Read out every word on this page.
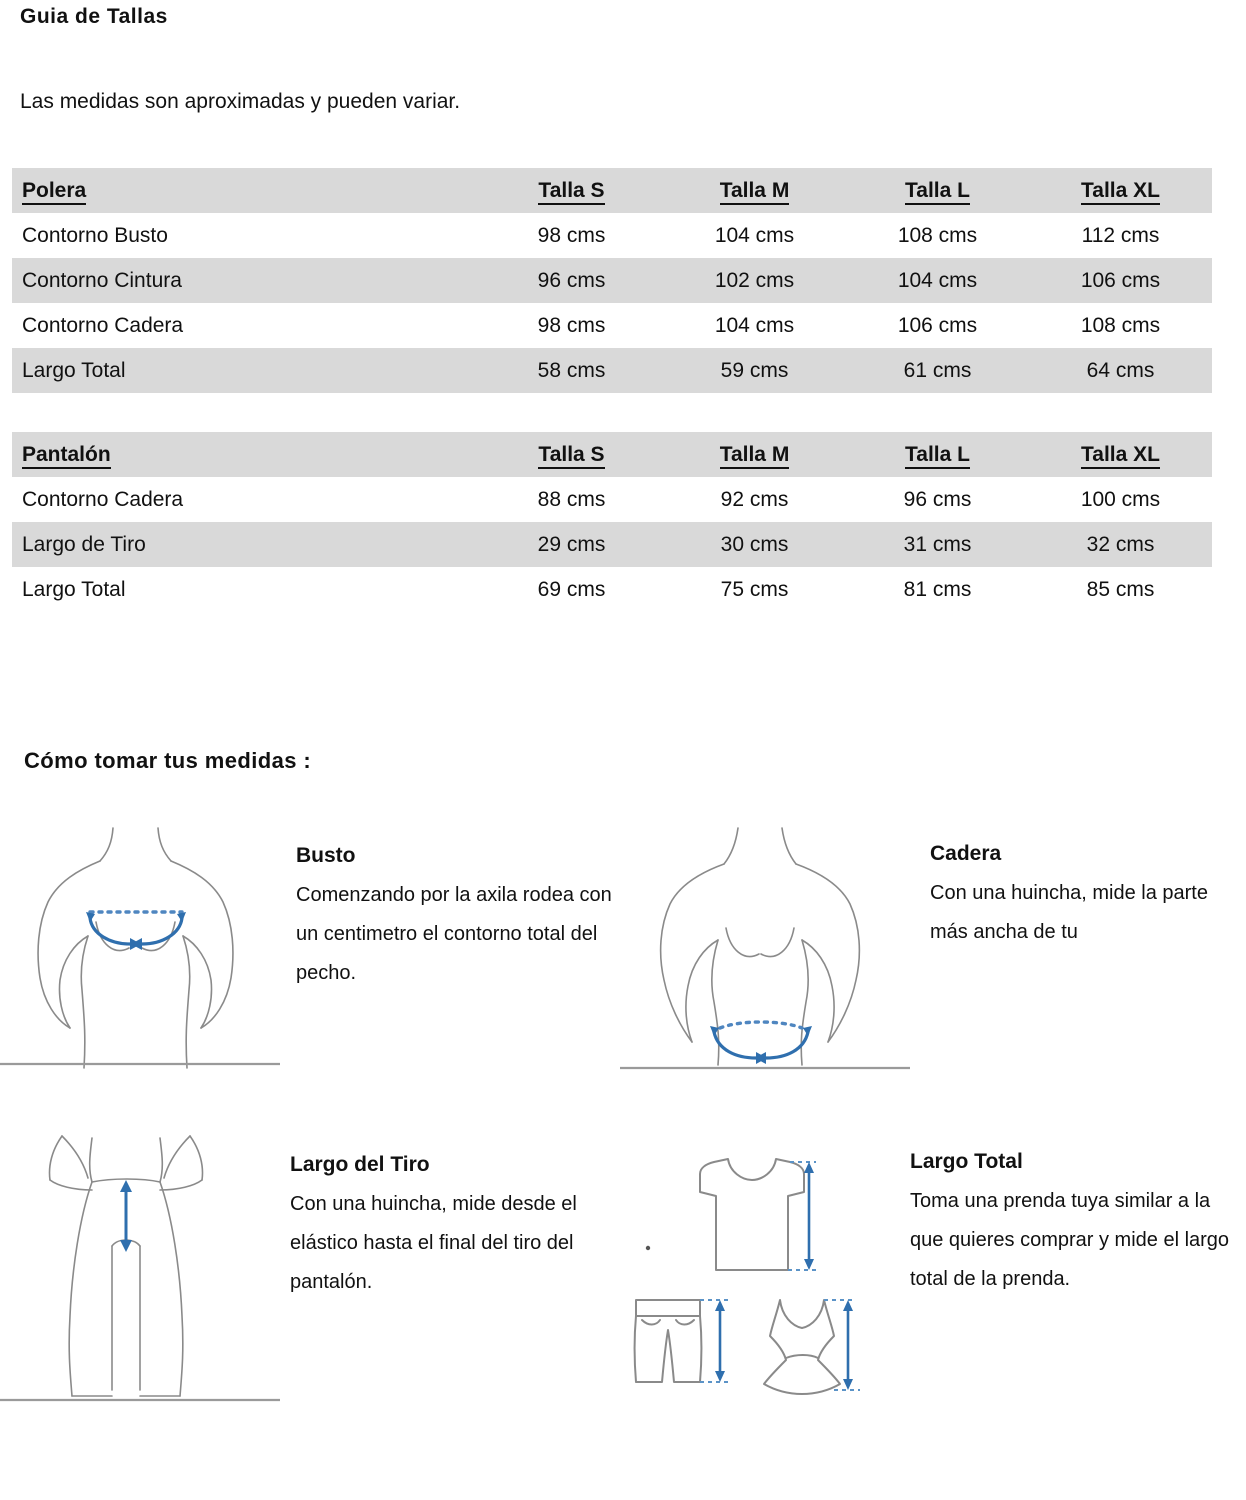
Guia de Tallas
Las medidas son aproximadas y pueden variar.
Polera	Talla S	Talla M	Talla L	Talla XL
Contorno Busto	98 cms	104 cms	108 cms	112 cms
Contorno Cintura	96 cms	102 cms	104 cms	106 cms
Contorno Cadera	98 cms	104 cms	106 cms	108 cms
Largo Total	58 cms	59 cms	61 cms	64 cms
Pantalón	Talla S	Talla M	Talla L	Talla XL
Contorno Cadera	88 cms	92 cms	96 cms	100 cms
Largo de Tiro	29 cms	30 cms	31 cms	32 cms
Largo Total	69 cms	75 cms	81 cms	85 cms
Cómo tomar tus medidas :

Busto

Comenzando por la axila rodea con un centimetro el contorno total del pecho.

Cadera

Con una huincha, mide la parte más ancha de tu

Largo del Tiro

Con una huincha, mide desde el elástico hasta el final del tiro del pantalón.

Largo Total

Toma una prenda tuya similar a la que quieres comprar y mide el largo total de la prenda.
